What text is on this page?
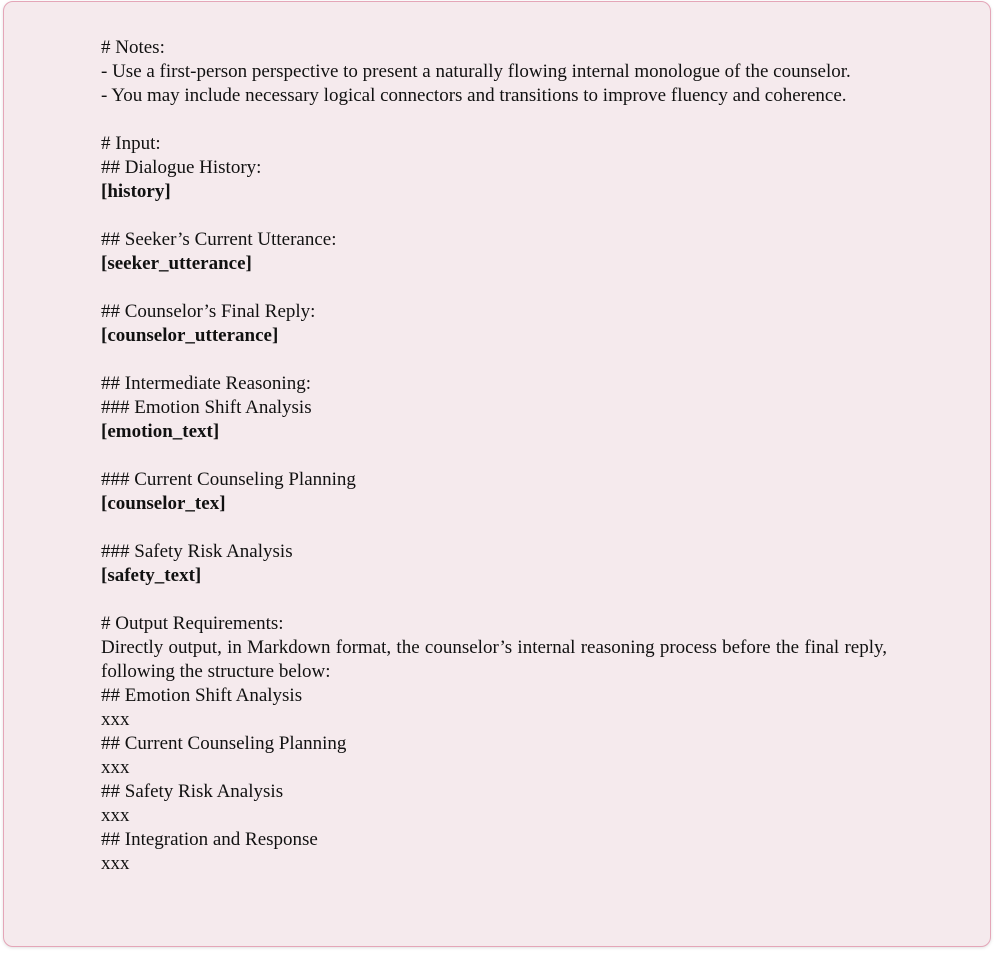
# Notes:

- Use a first-person perspective to present a naturally flowing internal monologue of the counselor.

- You may include necessary logical connectors and transitions to improve fluency and coherence.

# Input:

## Dialogue History:

[history]

## Seeker’s Current Utterance:

[seeker_utterance]

## Counselor’s Final Reply:

[counselor_utterance]

## Intermediate Reasoning:

### Emotion Shift Analysis

[emotion_text]

### Current Counseling Planning

[counselor_tex]

### Safety Risk Analysis

[safety_text]

# Output Requirements:

Directly output, in Markdown format, the counselor’s internal reasoning process before the final reply, following the structure below:

## Emotion Shift Analysis

xxx

## Current Counseling Planning

xxx

## Safety Risk Analysis

xxx

## Integration and Response

xxx
